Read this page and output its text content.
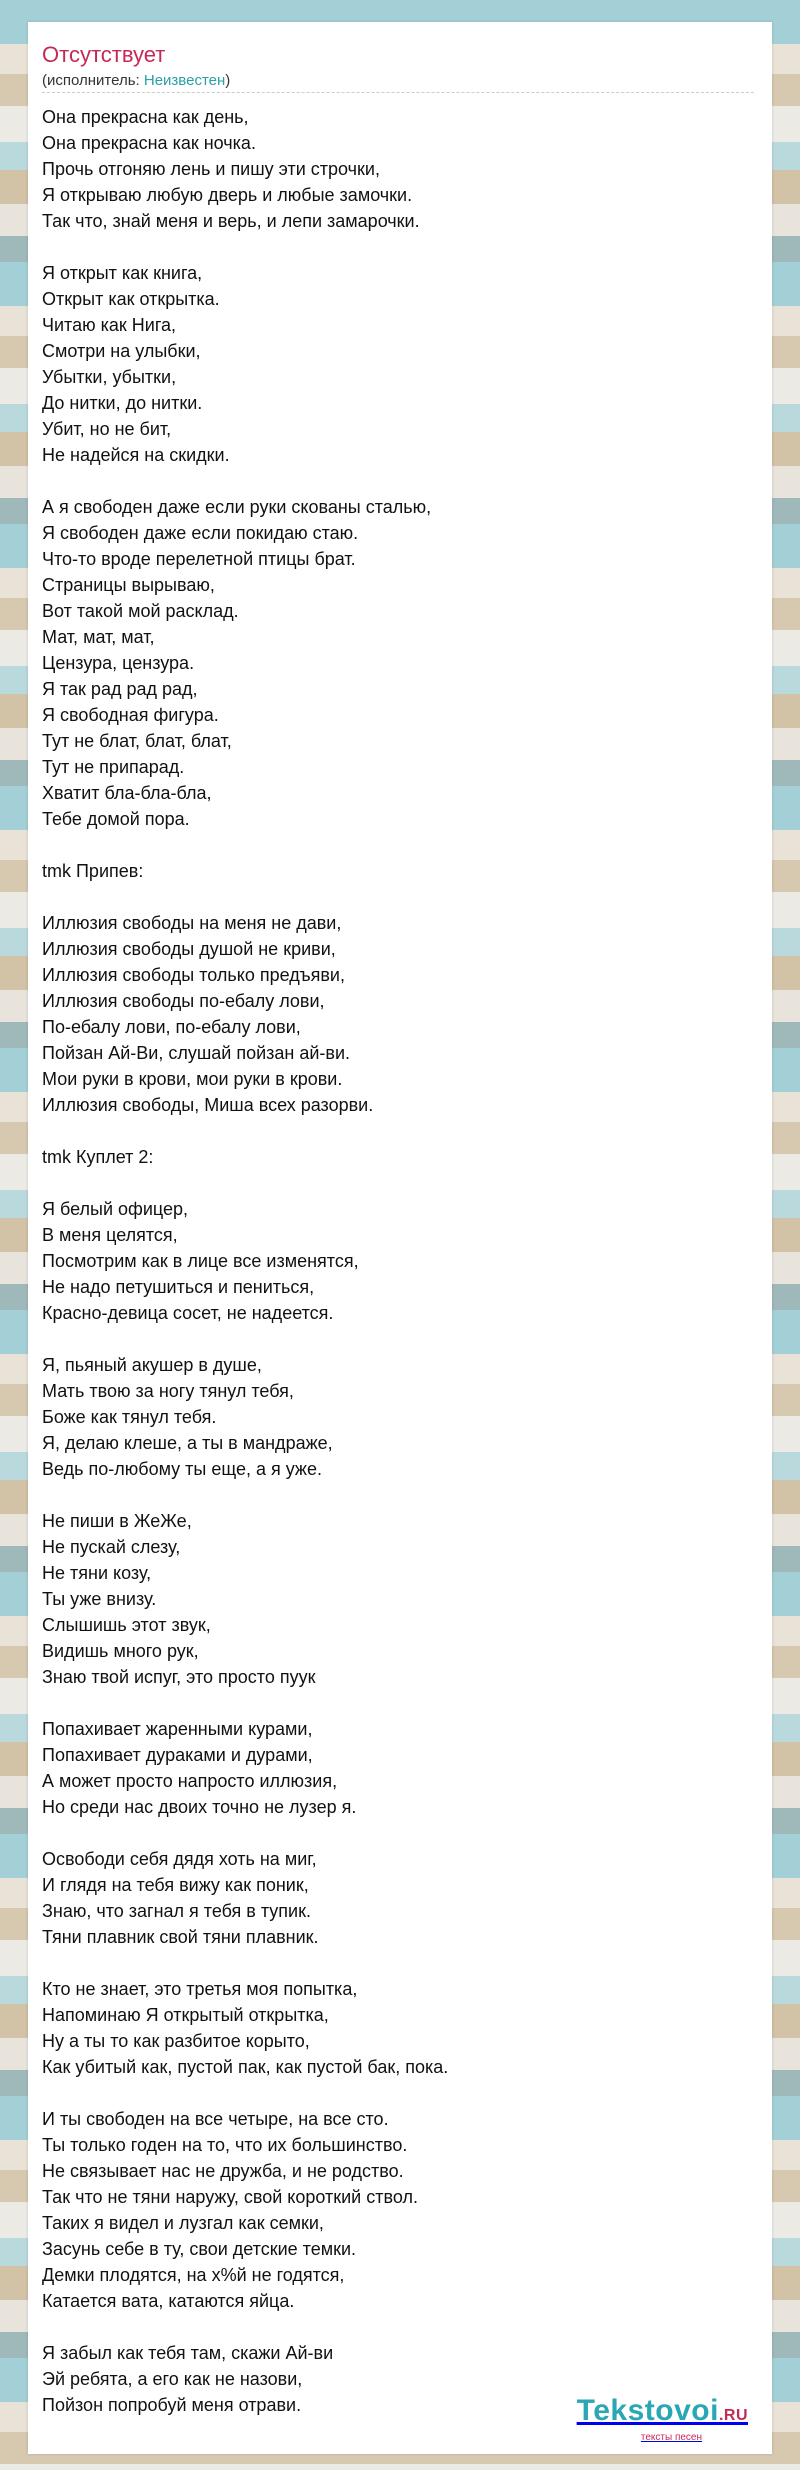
Отсутствует
(исполнитель: Неизвестен)
Она прекрасна как день,
Она прекрасна как ночка.
Прочь отгоняю лень и пишу эти строчки,
Я открываю любую дверь и любые замочки.
Так что, знай меня и верь, и лепи замарочки.

Я открыт как книга,
Открыт как открытка.
Читаю как Нига,
Смотри на улыбки,
Убытки, убытки,
До нитки, до нитки.
Убит, но не бит,
Не надейся на скидки.

А я свободен даже если руки скованы сталью,
Я свободен даже если покидаю стаю.
Что-то вроде перелетной птицы брат.
Страницы вырываю,
Вот такой мой расклад.
Мат, мат, мат,
Цензура, цензура.
Я так рад рад рад,
Я свободная фигура.
Тут не блат, блат, блат,
Тут не припарад.
Хватит бла-бла-бла,
Тебе домой пора.

tmk Припев:

Иллюзия свободы на меня не дави,
Иллюзия свободы душой не криви,
Иллюзия свободы только предъяви,
Иллюзия свободы по-ебалу лови,
По-ебалу лови, по-ебалу лови,
Пойзан Ай-Ви, слушай пойзан ай-ви.
Мои руки в крови, мои руки в крови.
Иллюзия свободы, Миша всех разорви.

tmk Куплет 2:

Я белый офицер,
В меня целятся,
Посмотрим как в лице все изменятся,
Не надо петушиться и пениться,
Красно-девица сосет, не надеется.

Я, пьяный акушер в душе,
Мать твою за ногу тянул тебя,
Боже как тянул тебя.
Я, делаю клеше, а ты в мандраже,
Ведь по-любому ты еще, а я уже.

Не пиши в ЖеЖе,
Не пускай слезу,
Не тяни козу,
Ты уже внизу.
Слышишь этот звук,
Видишь много рук,
Знаю твой испуг, это просто пуук

Попахивает жаренными курами,
Попахивает дураками и дурами,
А может просто напросто иллюзия,
Но среди нас двоих точно не лузер я.

Освободи себя дядя хоть на миг,
И глядя на тебя вижу как поник,
Знаю, что загнал я тебя в тупик.
Тяни плавник свой тяни плавник.

Кто не знает, это третья моя попытка,
Напоминаю Я открытый открытка,
Ну а ты то как разбитое корыто,
Как убитый как, пустой пак, как пустой бак, пока.

И ты свободен на все четыре, на все сто.
Ты только годен на то, что их большинство.
Не связывает нас не дружба, и не родство.
Так что не тяни наружу, свой короткий ствол.
Таких я видел и лузгал как семки,
Засунь себе в ту, свои детские темки.
Демки плодятся, на х%й не годятся,
Катается вата, катаются яйца.

Я забыл как тебя там, скажи Ай-ви
Эй ребята, а его как не назови,
Пойзон попробуй меня отрави.	Tekstovoi.RU
тексты песен
